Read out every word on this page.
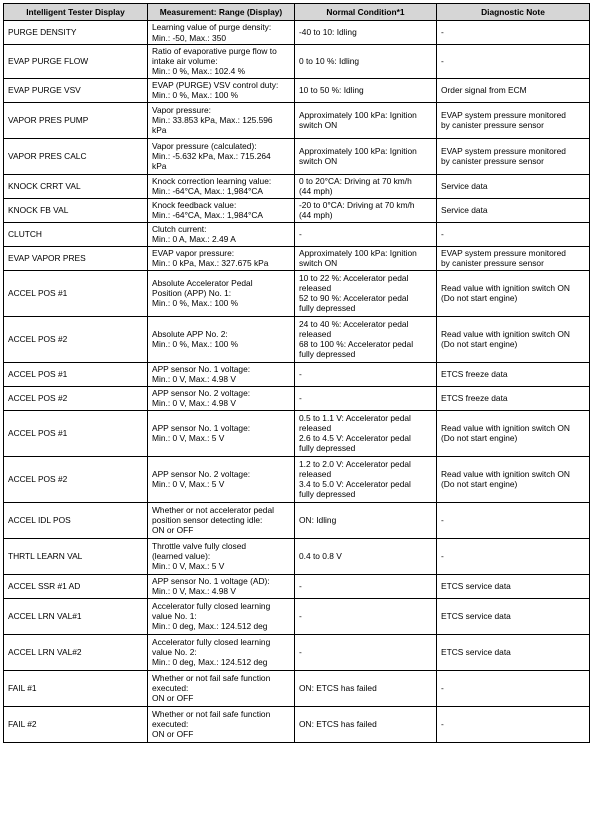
Intelligent Tester Display	Measurement: Range (Display)	Normal Condition*1	Diagnostic Note
PURGE DENSITY	Learning value of purge density:
Min.: -50, Max.: 350	-40 to 10: Idling	-
EVAP PURGE FLOW	Ratio of evaporative purge flow to
intake air volume:
Min.: 0 %, Max.: 102.4 %	0 to 10 %: Idling	-
EVAP PURGE VSV	EVAP (PURGE) VSV control duty:
Min.: 0 %, Max.: 100 %	10 to 50 %: Idling	Order signal from ECM
VAPOR PRES PUMP	Vapor pressure:
Min.: 33.853 kPa, Max.: 125.596
kPa	Approximately 100 kPa: Ignition
switch ON	EVAP system pressure monitored
by canister pressure sensor
VAPOR PRES CALC	Vapor pressure (calculated):
Min.: -5.632 kPa, Max.: 715.264
kPa	Approximately 100 kPa: Ignition
switch ON	EVAP system pressure monitored
by canister pressure sensor
KNOCK CRRT VAL	Knock correction learning value:
Min.: -64°CA, Max.: 1,984°CA	0 to 20°CA: Driving at 70 km/h
(44 mph)	Service data
KNOCK FB VAL	Knock feedback value:
Min.: -64°CA, Max.: 1,984°CA	-20 to 0°CA: Driving at 70 km/h
(44 mph)	Service data
CLUTCH	Clutch current:
Min.: 0 A, Max.: 2.49 A	-	-
EVAP VAPOR PRES	EVAP vapor pressure:
Min.: 0 kPa, Max.: 327.675 kPa	Approximately 100 kPa: Ignition
switch ON	EVAP system pressure monitored
by canister pressure sensor
ACCEL POS #1	Absolute Accelerator Pedal
Position (APP) No. 1:
Min.: 0 %, Max.: 100 %	10 to 22 %: Accelerator pedal
released
52 to 90 %: Accelerator pedal
fully depressed	Read value with ignition switch ON
(Do not start engine)
ACCEL POS #2	Absolute APP No. 2:
Min.: 0 %, Max.: 100 %	24 to 40 %: Accelerator pedal
released
68 to 100 %: Accelerator pedal
fully depressed	Read value with ignition switch ON
(Do not start engine)
ACCEL POS #1	APP sensor No. 1 voltage:
Min.: 0 V, Max.: 4.98 V	-	ETCS freeze data
ACCEL POS #2	APP sensor No. 2 voltage:
Min.: 0 V, Max.: 4.98 V	-	ETCS freeze data
ACCEL POS #1	APP sensor No. 1 voltage:
Min.: 0 V, Max.: 5 V	0.5 to 1.1 V: Accelerator pedal
released
2.6 to 4.5 V: Accelerator pedal
fully depressed	Read value with ignition switch ON
(Do not start engine)
ACCEL POS #2	APP sensor No. 2 voltage:
Min.: 0 V, Max.: 5 V	1.2 to 2.0 V: Accelerator pedal
released
3.4 to 5.0 V: Accelerator pedal
fully depressed	Read value with ignition switch ON
(Do not start engine)
ACCEL IDL POS	Whether or not accelerator pedal
position sensor detecting idle:
ON or OFF	ON: Idling	-
THRTL LEARN VAL	Throttle valve fully closed
(learned value):
Min.: 0 V, Max.: 5 V	0.4 to 0.8 V	-
ACCEL SSR #1 AD	APP sensor No. 1 voltage (AD):
Min.: 0 V, Max.: 4.98 V	-	ETCS service data
ACCEL LRN VAL#1	Accelerator fully closed learning
value No. 1:
Min.: 0 deg, Max.: 124.512 deg	-	ETCS service data
ACCEL LRN VAL#2	Accelerator fully closed learning
value No. 2:
Min.: 0 deg, Max.: 124.512 deg	-	ETCS service data
FAIL #1	Whether or not fail safe function
executed:
ON or OFF	ON: ETCS has failed	-
FAIL #2	Whether or not fail safe function
executed:
ON or OFF	ON: ETCS has failed	-
